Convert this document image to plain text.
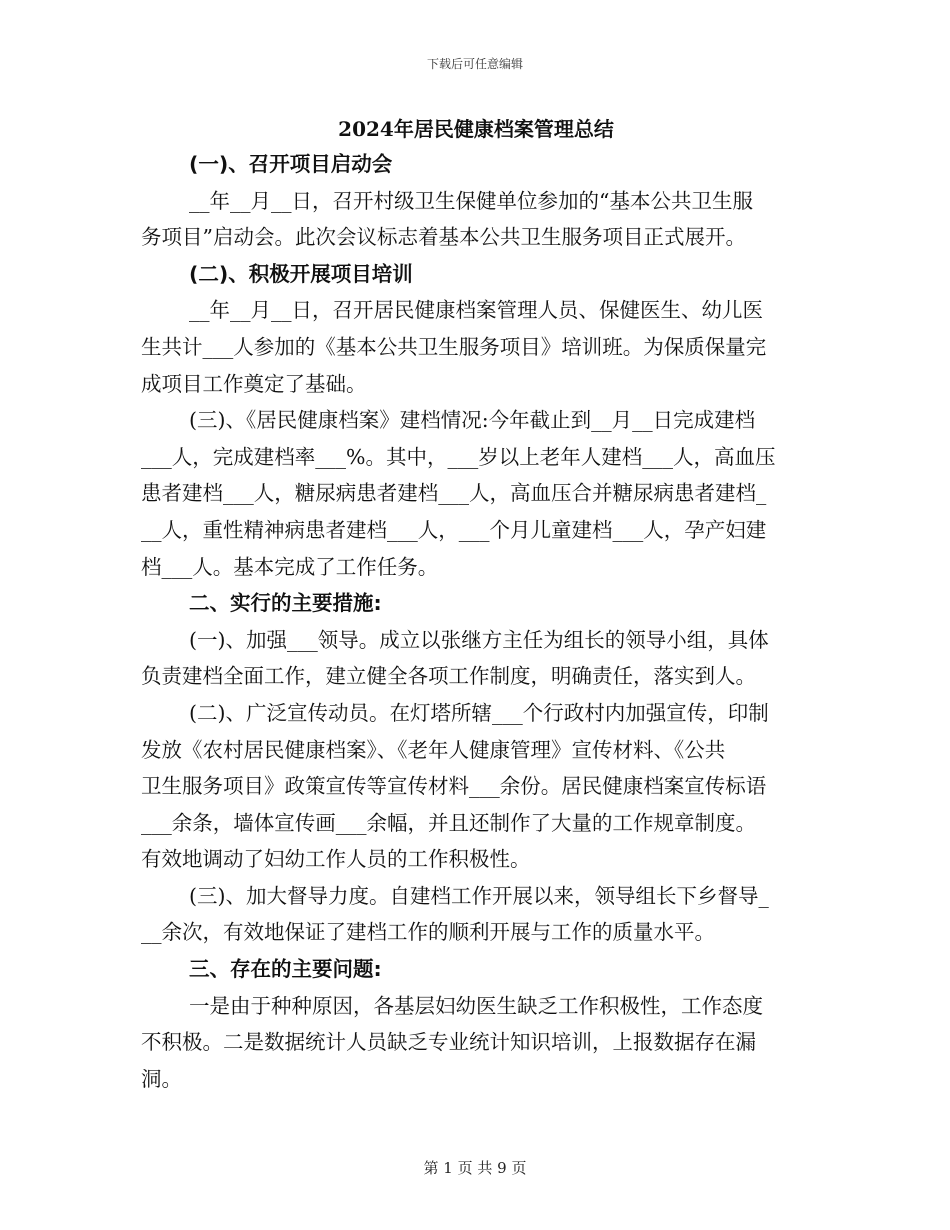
下载后可任意编辑
2024年居民健康档案管理总结
(一)、召开项目启动会
__年__月__日，召开村级卫生保健单位参加的“基本公共卫生服
务项目”启动会。此次会议标志着基本公共卫生服务项目正式展开。
(二)、积极开展项目培训
__年__月__日，召开居民健康档案管理人员、保健医生、幼儿医
生共计___人参加的《基本公共卫生服务项目》培训班。为保质保量完
成项目工作奠定了基础。
(三)、《居民健康档案》建档情况:今年截止到__月__日完成建档
___人，完成建档率___%。其中，___岁以上老年人建档___人，高血压
患者建档___人，糖尿病患者建档___人，高血压合并糖尿病患者建档_
__人，重性精神病患者建档___人，___个月儿童建档___人，孕产妇建
档___人。基本完成了工作任务。
二、实行的主要措施:
(一)、加强___领导。成立以张继方主任为组长的领导小组，具体
负责建档全面工作，建立健全各项工作制度，明确责任，落实到人。
(二)、广泛宣传动员。在灯塔所辖___个行政村内加强宣传，印制
发放《农村居民健康档案》、《老年人健康管理》宣传材料、《公共
卫生服务项目》政策宣传等宣传材料___余份。居民健康档案宣传标语
___余条，墙体宣传画___余幅，并且还制作了大量的工作规章制度。
有效地调动了妇幼工作人员的工作积极性。
(三)、加大督导力度。自建档工作开展以来，领导组长下乡督导_
__余次，有效地保证了建档工作的顺利开展与工作的质量水平。
三、存在的主要问题:
一是由于种种原因，各基层妇幼医生缺乏工作积极性，工作态度
不积极。二是数据统计人员缺乏专业统计知识培训，上报数据存在漏
洞。
第 1 页 共 9 页
